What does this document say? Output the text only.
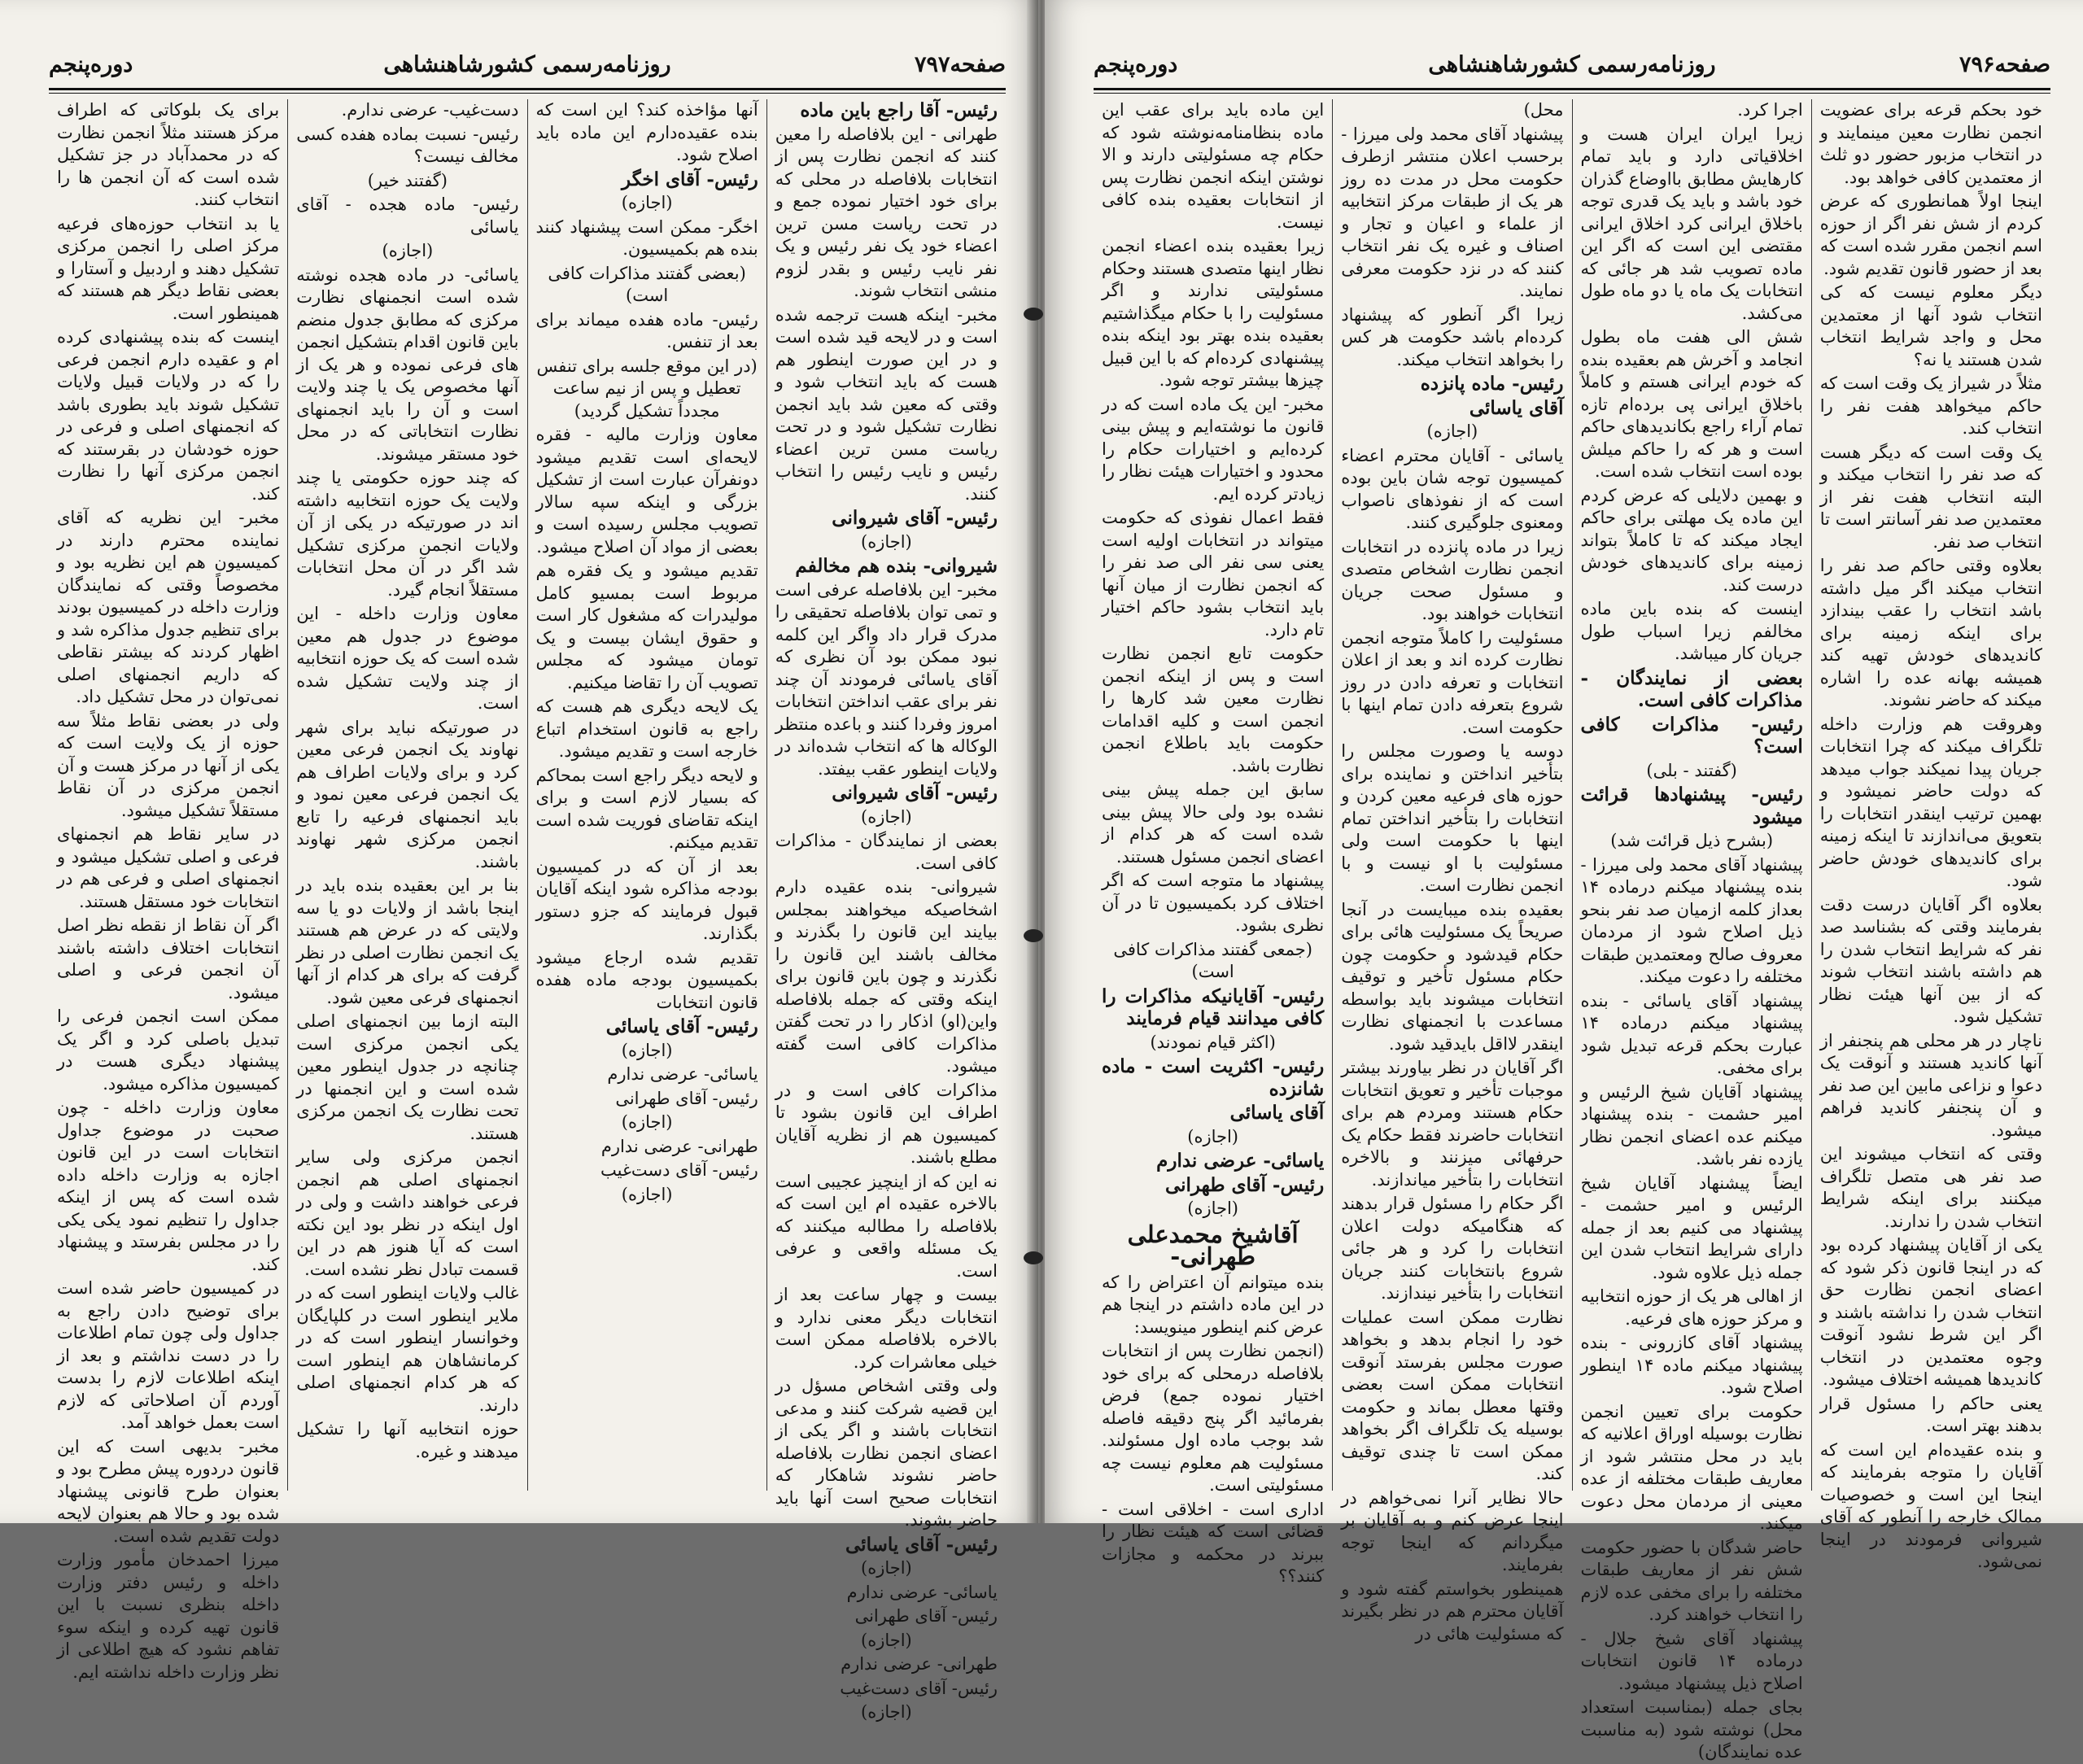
صفحه۷۹۷
روزنامه‌رسمی کشورشاهنشاهی
دوره‌پنجم

رئیس- آقا راجع باین ماده

طهرانی - این بلافاصله را معین کنند که انجمن نظارت پس از انتخابات بلافاصله در محلی که برای خود اختیار نموده جمع و در تحت ریاست مسن ترین اعضاء خود یک نفر رئیس و یک نفر نایب رئیس و بقدر لزوم منشی انتخاب شوند.

مخبر- اینکه هست ترجمه شده است و در لایحه قید شده است و در این صورت اینطور هم هست که باید انتخاب شود و وقتی که معین شد باید انجمن نظارت تشکیل شود و در تحت ریاست مسن ترین اعضاء رئیس و نایب رئیس را انتخاب کنند.

رئیس- آقای شیروانی

(اجازه)

شیروانی- بنده هم مخالفم

مخبر- این بلافاصله عرفی است و تمی توان بلافاصله تحقیقی را مدرک قرار داد واگر این کلمه نبود ممکن بود آن نظری که آقای یاسائی فرمودند آن چند نفر برای عقب انداختن انتخابات امروز وفردا کنند و باعده منتظر الوکاله ها که انتخاب شده‌اند در ولایات اینطور عقب بیفتد.

رئیس- آقای شیروانی

(اجازه)

بعضی از نمایندگان - مذاکرات کافی است.

شیروانی- بنده عقیده دارم اشخاصیکه میخواهند بمجلس بیایند این قانون را بگذرند و مخالف باشند این قانون را نگذرند و چون باین قانون برای اینکه وقتی که جمله بلافاصله واین‌(او) اذکار را در تحت گفتن مذاکرات کافی است گفته میشود.

مذاکرات کافی است و در اطراف این قانون بشود تا کمیسیون هم از نظریه آقایان مطلع باشند.

نه این که از اینچیز عجیبی است بالاخره عقیده ام این است که بلافاصله را مطالبه میکنند که یک مسئله واقعی و عرفی است.

بیست و چهار ساعت بعد از انتخابات دیگر معنی ندارد و بالاخره بلافاصله ممکن است خیلی معاشرات کرد.

ولی وقتی اشخاص مسؤل در این قضیه شرکت کنند و مدعی انتخابات باشند و اگر یکی از اعضای انجمن نظارت بلافاصله حاضر نشوند شاهکار که انتخابات صحیح است آنها باید حاضر بشوند.

رئیس- آقای یاسائی

(اجازه)

یاسائی- عرضی ندارم

رئیس- آقای طهرانی

(اجازه)

طهرانی- عرضی ندارم

رئیس- آقای دست‌غیب

(اجازه)

آنها مؤاخذه کند؟ این است که بنده عقیده‌دار‌م این ماده باید اصلاح شود.

رئیس- آقای اخگر

(اجازه)

اخگر- ممکن است پیشنهاد کنند بنده هم بکمیسیون.

(بعضی گفتند مذاکرات کافی است)

رئیس- ماده هفده میماند برای بعد از تنفس.

(در این موقع جلسه برای تنفس تعطیل و پس از نیم ساعت مجدداً تشکیل گردید)

معاون وزارت مالیه - فقره لایحه‌ای است تقدیم میشود دونفرآن عبارت است از تشکیل بزرگی و اینکه سپه سالار تصویب مجلس رسیده است و بعضی از مواد آن اصلاح میشود.

تقدیم میشود و یک فقره هم مربوط است بمسیو کامل مولیدرات که مشغول کار است و حقوق ایشان بیست و یک تومان میشود که مجلس تصویب آن را تقاضا میکنیم.

یک لایحه دیگری هم هست که راجع به قانون استخدام اتباع خارجه است و تقدیم میشود.

و لایحه دیگر راجع است بمحاکم که بسیار لازم است و برای اینکه تقاضای فوریت شده است تقدیم میکنم.

بعد از آن که در کمیسیون بودجه مذاکره شود اینکه آقایان قبول فرمایند که جزو دستور بگذارند.

تقدیم شده ارجاع میشود بکمیسیون بودجه ماده هفده قانون انتخابات

رئیس- آقای یاسائی

(اجازه)

یاسائی- عرضی ندارم

رئیس- آقای طهرانی

(اجازه)

طهرانی- عرضی ندارم

رئیس- آقای دست‌غیب

(اجازه)

دست‌غیب- عرضی ندارم.

رئیس- نسبت بماده هفده کسی مخالف نیست؟

(گفتند خیر)

رئیس- ماده هجده - آقای یاسائی

(اجازه)

یاسائی- در ماده هجده نوشته شده است انجمنهای نظارت مرکزی که مطابق جدول منضم باین قانون اقدام بتشکیل انجمن های فرعی نموده و هر یک از آنها مخصوص یک یا چند ولایت است و آن را باید انجمنهای نظارت انتخاباتی که در محل خود مستقر میشوند.

که چند حوزه حکومتی یا چند ولایت یک حوزه انتخابیه داشته اند در صورتیکه در یکی از آن ولایات انجمن مرکزی تشکیل شد اگر در آن محل انتخابات مستقلاً انجام گیرد.

معاون وزارت داخله - این موضوع در جدول هم معین شده است که یک حوزه انتخابیه از چند ولایت تشکیل شده است.

در صورتیکه نباید برای شهر نهاوند یک انجمن فرعی معین کرد و برای ولایات اطراف هم یک انجمن فرعی معین نمود و باید انجمنهای فرعیه را تابع انجمن مرکزی شهر نهاوند باشند.

بنا بر این بعقیده بنده باید در اینجا باشد از ولایات دو یا سه ولایتی که در عرض هم هستند یک انجمن نظارت اصلی در نظر گرفت که برای هر کدام از آنها انجمنهای فرعی معین شود.

البته ازما بین انجمنهای اصلی یکی انجمن مرکزی است چنانچه در جدول اینطور معین شده است و این انجمنها در تحت نظارت یک انجمن مرکزی هستند.

انجمن مرکزی ولی سایر انجمنهای اصلی هم انجمن فرعی خواهند داشت و ولی در اول اینکه در نظر بود این نکته است که آیا هنوز هم در این قسمت تبادل نظر نشده است.

غالب ولایات اینطور است که در ملایر اینطور است در کلپایگان وخوانسار اینطور است که در کرمانشاهان هم اینطور است که هر کدام انجمنهای اصلی دارند.

حوزه انتخابیه آنها را تشکیل میدهند و غیره.

برای یک بلوکاتی که اطراف مرکز هستند مثلاً انجمن نظارت که در محمدآباد در جز تشکیل شده است که آن انجمن ها را انتخاب کنند.

یا بد انتخاب حوزه‌های فرعیه مرکز اصلی را انجمن مرکزی تشکیل دهند و اردبیل و آستارا و بعضی نقاط دیگر هم هستند که همینطور است.

اینست که بنده پیشنهادی کرده ام و عقیده دارم انجمن فرعی را که در ولایات قبیل ولایات تشکیل شوند باید بطوری باشد که انجمنهای اصلی و فرعی در حوزه خودشان در بقرستند که انجمن مرکزی آنها را نظارت کند.

مخبر- این نظریه که آقای نماینده محترم دارند در کمیسیون هم این نظریه بود و مخصوصاً وقتی که نمایندگان وزارت داخله در کمیسیون بودند برای تنظیم جدول مذاکره شد و اظهار کردند که بیشتر نقاطی که داریم انجمنهای اصلی نمی‌توان در محل تشکیل داد.

ولی در بعضی نقاط مثلاً سه حوزه از یک ولایت است که یکی از آنها در مرکز هست و آن انجمن مرکزی در آن نقاط مستقلاً تشکیل میشود.

در سایر نقاط هم انجمنهای فرعی و اصلی تشکیل میشود و انجمنهای اصلی و فرعی هم در انتخابات خود مستقل هستند.

اگر آن نقاط از نقطه نظر اصل انتخابات اختلاف داشته باشند آن انجمن فرعی و اصلی میشود.

ممکن است انجمن فرعی را تبدیل باصلی کرد و اگر یک پیشنهاد دیگری هست در کمیسیون مذاکره میشود.

معاون وزارت داخله - چون صحبت در موضوع جداول انتخابات است در این قانون اجازه به وزارت داخله داده شده است که پس از اینکه جداول را تنظیم نمود یکی یکی را در مجلس بفرستد و پیشنهاد کند.

در کمیسیون حاضر شده است برای توضیح دادن راجع به جداول ولی چون تمام اطلاعات را در دست نداشتم و بعد از اینکه اطلاعات لازم را بدست آوردم آن اصلاحاتی که لازم است بعمل خواهد آمد.

مخبر- بدیهی است که این قانون دردوره پیش مطرح بود و بعنوان طرح قانونی پیشنهاد شده بود و حالا هم بعنوان لایحه دولت تقدیم شده است.

میرزا احمدخان مأمور وزارت داخله و رئیس دفتر وزارت داخله بنظری نسبت با این قانون تهیه کرده و اینکه سوء تفاهم نشود که هیچ اطلاعی از نظر وزارت داخله نداشته ایم.

صفحه۷۹۶
روزنامه‌رسمی کشورشاهنشاهی
دوره‌پنجم

خود بحکم قرعه برای عضویت انجمن نظارت معین مینمایند و در انتخاب مزبور حضور دو ثلث از معتمدین کافی خواهد بود.

اینجا اولاً همانطوری که عرض کردم از شش نفر اگر از حوزه اسم انجمن مقرر شده است که بعد از حضور قانون تقدیم شود.

دیگر معلوم نیست که کی انتخاب شود آنها از معتمدین محل و واجد شرایط انتخاب شدن هستند یا نه؟

مثلاً در شیراز یک وقت است که حاکم میخواهد هفت نفر را انتخاب کند.

یک وقت است که دیگر هست که صد نفر را انتخاب میکند و البته انتخاب هفت نفر از معتمدین صد نفر آسانتر است تا انتخاب صد نفر.

بعلاوه وقتی حاکم صد نفر را انتخاب میکند اگر میل داشته باشد انتخاب را عقب بیندازد برای اینکه زمینه برای کاندیدهای خودش تهیه کند همیشه بهانه عده را اشاره میکند که حاضر نشوند.

وهروقت هم وزارت داخله تلگراف میکند که چرا انتخابات جریان پیدا نمیکند جواب میدهد که دولت حاضر نمیشود و بهمین ترتیب اینقدر انتخابات را بتعویق می‌اندازند تا اینکه زمینه برای کاندیدهای خودش حاضر شود.

بعلاوه اگر آقایان درست دقت بفرمایند وقتی که بشناسد صد نفر که شرایط انتخاب شدن را هم داشته باشند انتخاب شوند که از بین آنها هیئت نظار تشکیل شود.

ناچار در هر محلی هم پنجنفر از آنها کاندید هستند و آنوقت یک دعوا و نزاعی مابین این صد نفر و آن پنجنفر کاندید فراهم میشود.

وقتی که انتخاب میشوند این صد نفر هی متصل تلگراف میکنند برای اینکه شرایط انتخاب شدن را ندارند.

یکی از آقایان پیشنهاد کرده بود که در اینجا قانون ذکر شود که اعضای انجمن نظارت حق انتخاب شدن را نداشته باشند و اگر این شرط نشود آنوقت وجوه معتمدین در انتخاب کاندیدها همیشه اختلاف میشود.

یعنی حاکم را مسئول قرار بدهند بهتر است.

و بنده عقیده‌ام این است که آقایان را متوجه بفرمایند که اینجا این است و خصوصیات ممالک خارجه را آنطور که آقای شیروانی فرمودند در اینجا نمی‌شود.

اجرا کرد.

زیرا ایران ایران هست و اخلاقیاتی دارد و باید تمام کارهایش مطابق بااوضاع گذران خود باشد و باید یک قدری توجه باخلاق ایرانی کرد اخلاق ایرانی مقتضی این است که اگر این ماده تصویب شد هر جائی که انتخابات یک ماه یا دو ماه طول می‌کشد.

شش الی هفت ماه بطول انجامد و آخرش هم بعقیده بنده که خودم ایرانی هستم و کاملاً باخلاق ایرانی پی برده‌ام تازه تمام آراء راجع بکاندیدهای حاکم است و هر که را حاکم میلش بوده است انتخاب شده است.

و بهمین دلایلی که عرض کردم این ماده یک مهلتی برای حاکم ایجاد میکند که تا کاملاً بتواند زمینه برای کاندیدهای خودش درست کند.

اینست که بنده باین ماده مخالفم زیرا اسباب طول جریان کار میباشد.

بعضی از نمایندگان - مذاکرات کافی است.

رئیس- مذاکرات کافی است؟

(گفتند - بلی)

رئیس- پیشنهادها قرائت میشود

(بشرح ذیل قرائت شد)

پیشنهاد آقای محمد ولی میرزا - بنده پیشنهاد میکنم درماده ۱۴ بعداز کلمه ازمیان صد نفر بنحو ذیل اصلاح شود از مردمان معروف صالح ومعتمدین طبقات مختلفه را دعوت میکند.

پیشنهاد آقای یاسائی - بنده پیشنهاد میکنم درماده ۱۴ عبارت بحکم قرعه تبدیل شود برای مخفی.

پیشنهاد آقایان شیخ الرئیس و امیر حشمت - بنده پیشنهاد میکنم عده اعضای انجمن نظار یازده نفر باشد.

ایضاً پیشنهاد آقایان شیخ الرئیس و امیر حشمت - پیشنهاد می کنیم بعد از جمله دارای شرایط انتخاب شدن این جمله ذیل علاوه شود.

از اهالی هر یک از حوزه انتخابیه و مرکز حوزه های فرعیه.

پیشنهاد آقای کازرونی - بنده پیشنهاد میکنم ماده ۱۴ اینطور اصلاح شود.

حکومت برای تعیین انجمن نظارت بوسیله اوراق اعلانیه که باید در محل منتشر شود از معاریف طبقات مختلفه از عده معینی از مردمان محل دعوت میکند.

حاضر شدگان با حضور حکومت شش نفر از معاریف طبقات مختلفه را برای مخفی عده لازم را انتخاب خواهند کرد.

پیشنهاد آقای شیخ جلال - درماده ۱۴ قانون انتخابات اصلاح ذیل پیشنهاد میشود.

بجای جمله (بمناسبت استعداد محل) نوشته شود (به مناسبت عده نمایندگان)

محل)

پیشنهاد آقای محمد ولی میرزا - برحسب اعلان منتشر ازطرف حکومت محل در مدت ده روز هر یک از طبقات مرکز انتخابیه از علماء و اعیان و تجار و اصناف و غیره یک نفر انتخاب کنند که در نزد حکومت معرفی نمایند.

زیرا اگر آنطور که پیشنهاد کرده‌ام باشد حکومت هر کس را بخواهد انتخاب میکند.

رئیس- ماده پانزده

آقای یاسائی

(اجازه)

یاسائی - آقایان محترم اعضاء کمیسیون توجه شان باین بوده است که از نفوذهای ناصواب ومعنوی جلوگیری کنند.

زیرا در ماده پانزده در انتخابات انجمن نظارت اشخاص متصدی و مسئول صحت جریان انتخابات خواهند بود.

مسئولیت را کاملاً متوجه انجمن نظارت کرده اند و بعد از اعلان انتخابات و تعرفه دادن در روز شروع بتعرفه دادن تمام اینها با حکومت است.

دوسه یا وصورت مجلس را بتأخیر انداختن و نماینده برای حوزه های فرعیه معین کردن و انتخابات را بتأخیر انداختن تمام اینها با حکومت است ولی مسئولیت با او نیست و با انجمن نظارت است.

بعقیده بنده میبایست در آنجا صریحاً یک مسئولیت هائی برای حکام قیدشود و حکومت چون حکام مسئول تأخیر و توقیف انتخابات میشوند باید بواسطه مساعدت با انجمنهای نظارت اینقدر لااقل بایدقید شود.

اگر آقایان در نظر بیاورند بیشتر موجبات تأخیر و تعویق انتخابات حکام هستند ومردم هم برای انتخابات حاضرند فقط حکام یک حرفهائی میزنند و بالاخره انتخابات را بتأخیر میاندازند.

اگر حکام را مسئول قرار بدهند که هنگامیکه دولت اعلان انتخابات را کرد و هر جائی شروع بانتخابات کنند جریان انتخابات را بتأخیر نیندازند.

نظارت ممکن است عملیات خود را انجام بدهد و بخواهد صورت مجلس بفرستد آنوقت انتخابات ممکن است بعضی وقتها معطل بماند و حکومت بوسیله یک تلگراف اگر بخواهد ممکن است تا چندی توقیف کند.

حالا نظایر آنرا نمی‌خواهم در اینجا عرض کنم و به آقایان بر میگردانم که اینجا توجه بفرمایند.

همینطور بخواستم گفته شود و آقایان محترم هم در نظر بگیرند که مسئولیت هائی در

این ماده باید برای عقب این ماده بنظامنامه‌نوشته شود که حکام چه مسئولیتی دارند و الا نوشتن اینکه انجمن نظارت پس از انتخابات بعقیده بنده کافی نیست.

زیرا بعقیده بنده اعضاء انجمن نظار اینها متصدی هستند وحکام مسئولیتی ندارند و اگر مسئولیت را با حکام میگذاشتیم بعقیده بنده بهتر بود اینکه بنده پیشنهادی کرده‌ام که با این قبیل چیزها بیشتر توجه شود.

مخبر- این یک ماده است که در قانون ما نوشته‌ایم و پیش بینی کرده‌ایم و اختیارات حکام را محدود و اختیارات هیئت نظار را زیادتر کرده ایم.

فقط اعمال نفوذی که حکومت میتواند در انتخابات اولیه است یعنی سی نفر الی صد نفر را که انجمن نظارت از میان آنها باید انتخاب بشود حاکم اختیار تام دارد.

حکومت تابع انجمن نظارت است و پس از اینکه انجمن نظارت معین شد کارها را انجمن است و کلیه اقدامات حکومت باید باطلاع انجمن نظارت باشد.

سابق این جمله پیش بینی نشده بود ولی حالا پیش بینی شده است که هر کدام از اعضای انجمن مسئول هستند.

پیشنهاد ما متوجه است که اگر اختلاف کرد بکمیسیون تا در آن نظری بشود.

(جمعی گفتند مذاکرات کافی است)

رئیس- آقایانیکه مذاکرات را کافی میدانند قیام فرمایند

(اکثر قیام نمودند)

رئیس- اکثریت است - ماده شانزده

آقای یاسائی

(اجازه)

یاسائی- عرضی ندارم

رئیس- آقای طهرانی

(اجازه)
آقاشیخ محمدعلی طهرانی-

بنده میتوانم آن اعتراض را که در این ماده داشتم در اینجا هم عرض کنم اینطور مینویسد:

(انجمن نظارت پس از انتخابات بلافاصله درمحلی که برای خود اختیار نموده جمع) فرض بفرمائید اگر پنج دقیقه فاصله شد بوجب ماده اول مسئولند. مسئولیت هم معلوم نیست چه مسئولیتی است.

اداری است - اخلاقی است - قضائی است که هیئت نظار را ببرند در محکمه و مجازات کنند؟؟
